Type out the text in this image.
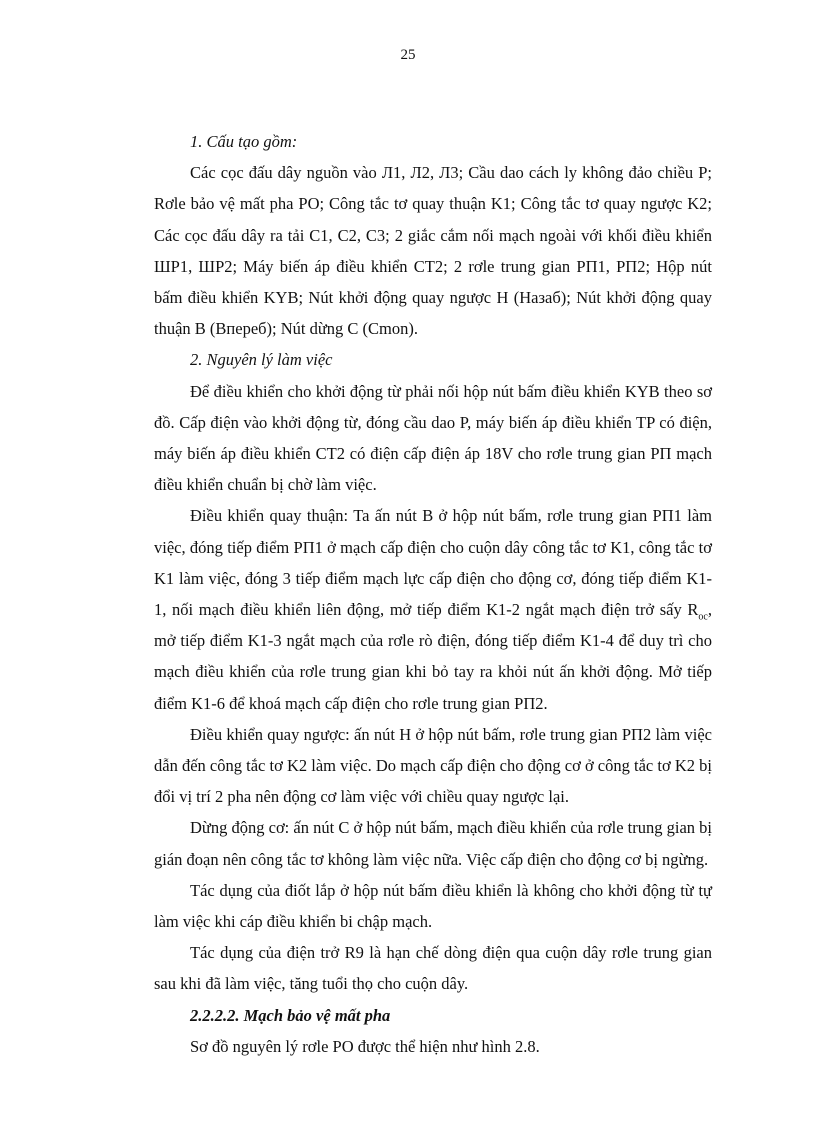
25

1. Cấu tạo gồm:

Các cọc đấu dây nguồn vào Л1, Л2, Л3; Cầu dao cách ly không đảo chiều P; Rơle bảo vệ mất pha PO; Công tắc tơ quay thuận K1; Công tắc tơ quay ngược K2; Các cọc đấu dây ra tải C1, C2, C3; 2 giắc cắm nối mạch ngoài với khối điều khiển ШР1, ШР2; Máy biến áp điều khiển CT2; 2 rơle trung gian PП1, PП2; Hộp nút bấm điều khiển KYB; Nút khởi động quay ngược H (Haзaб); Nút khởi động quay thuận B (Bпepeб); Nút dừng C (Cmon).

2. Nguyên lý làm việc

Để điều khiển cho khởi động từ phải nối hộp nút bấm điều khiển KYB theo sơ đồ. Cấp điện vào khởi động từ, đóng cầu dao P, máy biến áp điều khiển TP có điện, máy biến áp điều khiển CT2 có điện cấp điện áp 18V cho rơle trung gian PП mạch điều khiển chuẩn bị chờ làm việc.

Điều khiển quay thuận: Ta ấn nút B ở hộp nút bấm, rơle trung gian PП1 làm việc, đóng tiếp điểm PП1 ở mạch cấp điện cho cuộn dây công tắc tơ K1, công tắc tơ K1 làm việc, đóng 3 tiếp điểm mạch lực cấp điện cho động cơ, đóng tiếp điểm K1-1, nối mạch điều khiển liên động, mở tiếp điểm K1-2 ngắt mạch điện trở sấy $R_{oc}$, mở tiếp điểm K1-3 ngắt mạch của rơle rò điện, đóng tiếp điểm K1-4 để duy trì cho mạch điều khiển của rơle trung gian khi bỏ tay ra khỏi nút ấn khởi động. Mở tiếp điểm K1-6 để khoá mạch cấp điện cho rơle trung gian PП2.

Điều khiển quay ngược: ấn nút H ở hộp nút bấm, rơle trung gian PП2 làm việc dẫn đến công tắc tơ K2 làm việc. Do mạch cấp điện cho động cơ ở công tắc tơ K2 bị đổi vị trí 2 pha nên động cơ làm việc với chiều quay ngược lại.

Dừng động cơ: ấn nút C ở hộp nút bấm, mạch điều khiển của rơle trung gian bị gián đoạn nên công tắc tơ không làm việc nữa. Việc cấp điện cho động cơ bị ngừng.

Tác dụng của điốt lắp ở hộp nút bấm điều khiển là không cho khởi động từ tự làm việc khi cáp điều khiển bi chập mạch.

Tác dụng của điện trở R9 là hạn chế dòng điện qua cuộn dây rơle trung gian sau khi đã làm việc, tăng tuổi thọ cho cuộn dây.

2.2.2.2. Mạch bảo vệ mất pha

Sơ đồ nguyên lý rơle PO được thể hiện như hình 2.8.
